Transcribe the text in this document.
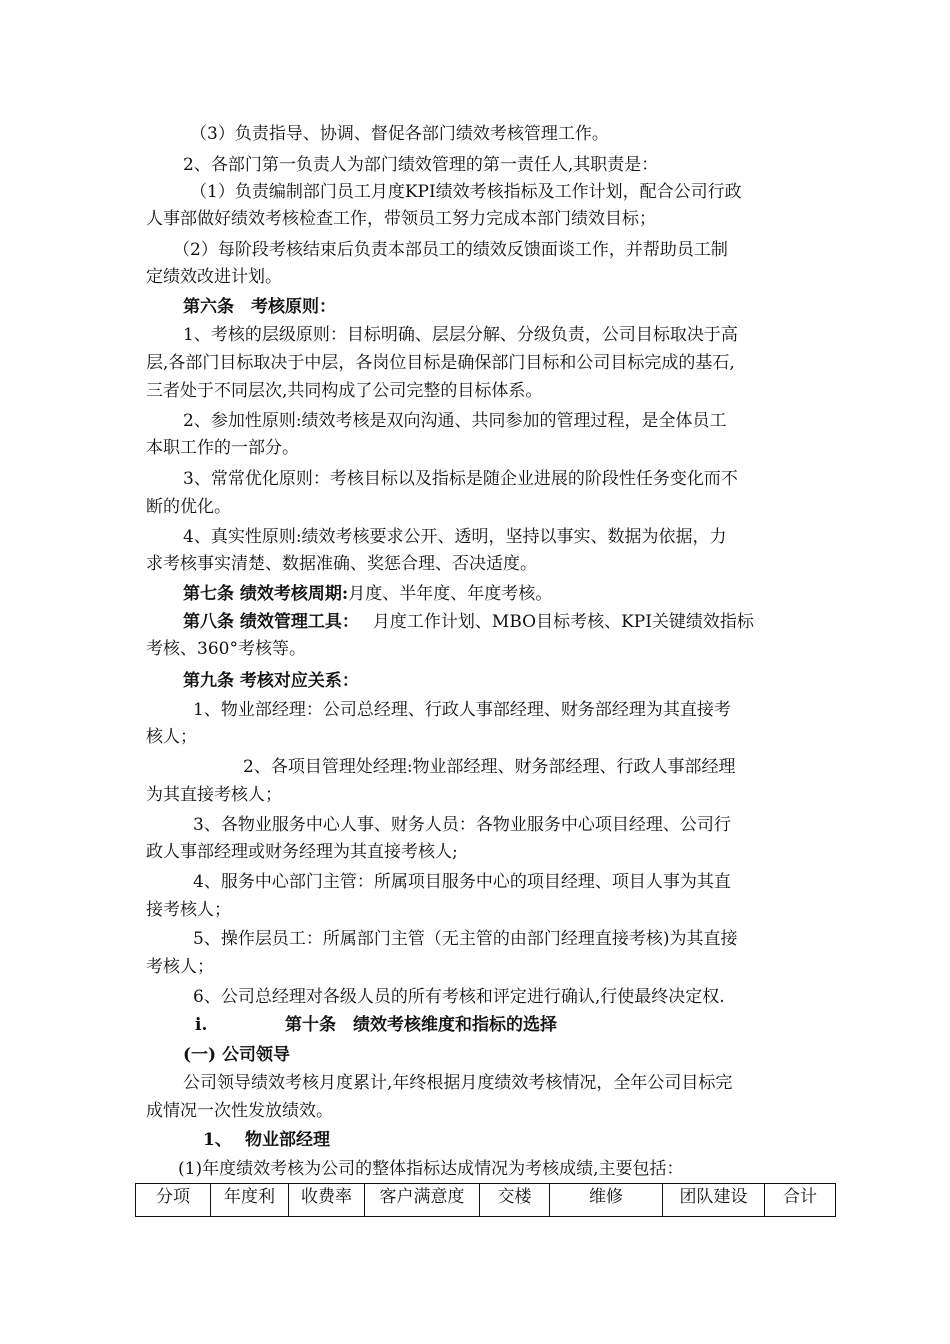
（3）负责指导、协调、督促各部门绩效考核管理工作。
2、各部门第一负责人为部门绩效管理的第一责任人,其职责是：
（1）负责编制部门员工月度KPI绩效考核指标及工作计划，配合公司行政
人事部做好绩效考核检查工作，带领员工努力完成本部门绩效目标；
（2）每阶段考核结束后负责本部员工的绩效反馈面谈工作，并帮助员工制
定绩效改进计划。
第六条　考核原则：
1、考核的层级原则：目标明确、层层分解、分级负责，公司目标取决于高
层,各部门目标取决于中层，各岗位目标是确保部门目标和公司目标完成的基石,
三者处于不同层次,共同构成了公司完整的目标体系。
2、参加性原则:绩效考核是双向沟通、共同参加的管理过程，是全体员工
本职工作的一部分。
3、常常优化原则：考核目标以及指标是随企业进展的阶段性任务变化而不
断的优化。
4、真实性原则:绩效考核要求公开、透明，坚持以事实、数据为依据，力
求考核事实清楚、数据准确、奖惩合理、否决适度。
第七条 绩效考核周期:月度、半年度、年度考核。
第八条 绩效管理工具： 月度工作计划、MBO目标考核、KPI关键绩效指标
考核、360°考核等。
第九条 考核对应关系：
1、物业部经理：公司总经理、行政人事部经理、财务部经理为其直接考
核人；
2、各项目管理处经理:物业部经理、财务部经理、行政人事部经理
为其直接考核人；
3、各物业服务中心人事、财务人员：各物业服务中心项目经理、公司行
政人事部经理或财务经理为其直接考核人;
4、服务中心部门主管：所属项目服务中心的项目经理、项目人事为其直
接考核人；
5、操作层员工：所属部门主管（无主管的由部门经理直接考核)为其直接
考核人；
6、公司总经理对各级人员的所有考核和评定进行确认,行使最终决定权.
i.	第十条　绩效考核维度和指标的选择
(一) 公司领导
公司领导绩效考核月度累计,年终根据月度绩效考核情况，全年公司目标完
成情况一次性发放绩效。
1、 物业部经理
(1)年度绩效考核为公司的整体指标达成情况为考核成绩,主要包括：
分项	年度利	收费率	客户满意度	交楼	维修	团队建设	合计
